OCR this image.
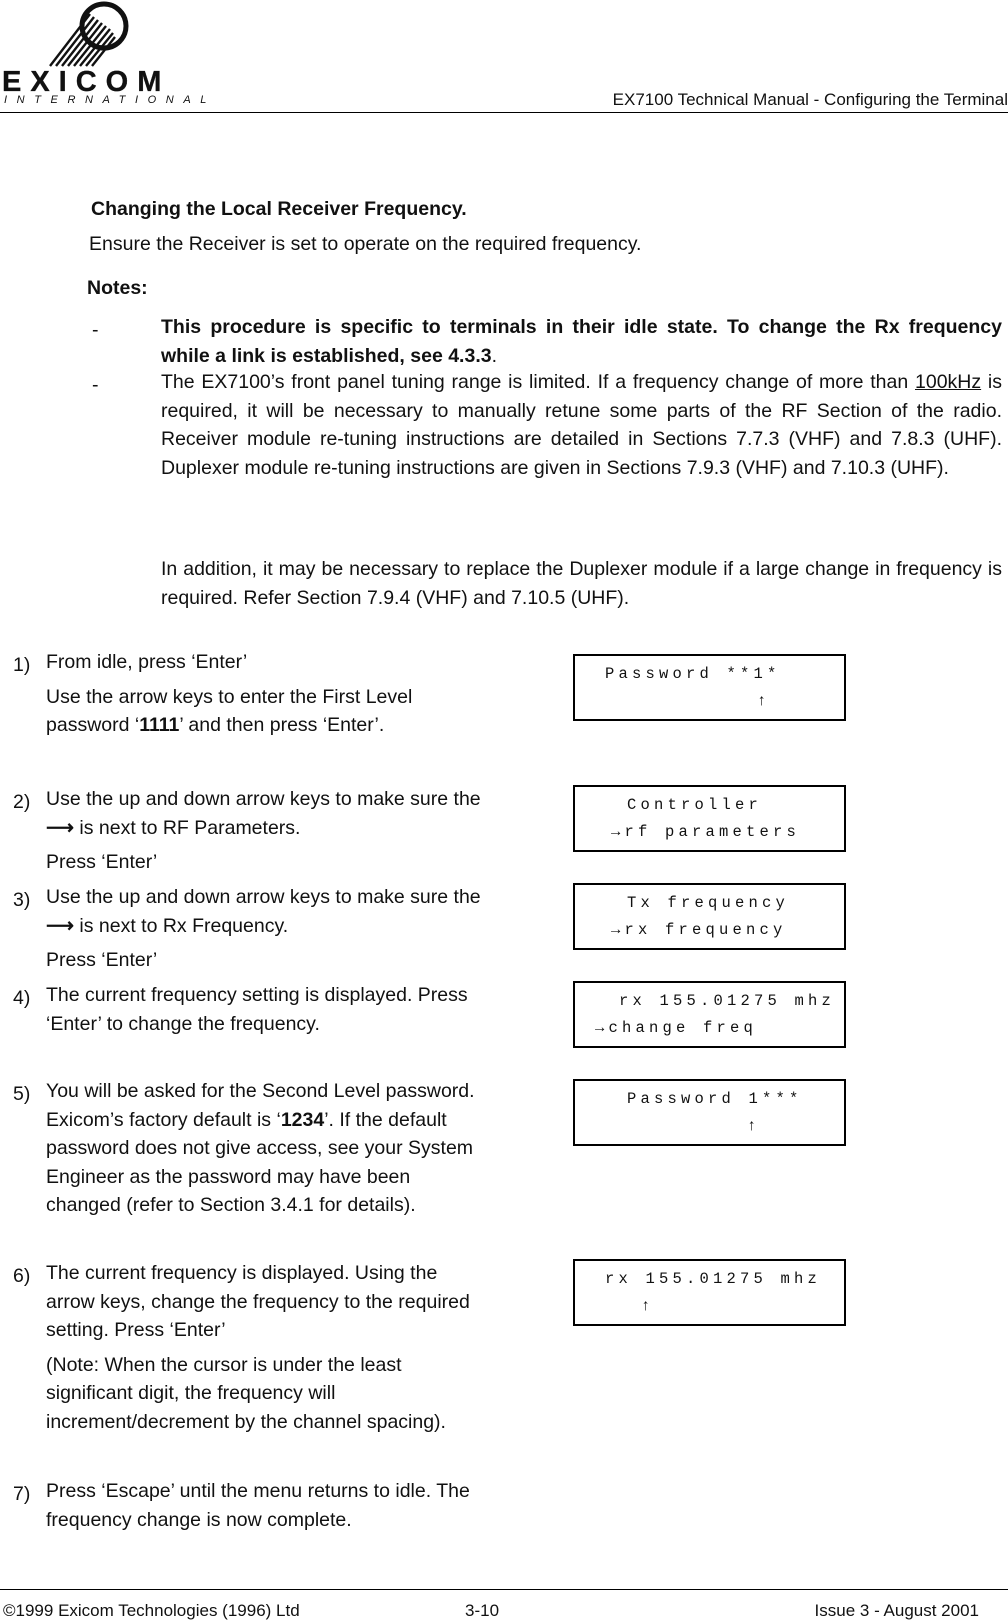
EXICOM
INTERNATIONAL	EX7100 Technical Manual - Configuring the Terminal
Changing the Local Receiver Frequency.
Ensure the Receiver is set to operate on the required frequency.
Notes:
-	This procedure is specific to terminals in their idle state. To change the Rx frequency while a link is established, see 4.3.3.
-	The EX7100’s front panel tuning range is limited. If a frequency change of more than 100kHz is required, it will be necessary to manually retune some parts of the RF Section of the radio. Receiver module re-tuning instructions are detailed in Sections 7.7.3 (VHF) and 7.8.3 (UHF). Duplexer module re-tuning instructions are given in Sections 7.9.3 (VHF) and 7.10.3 (UHF).
In addition, it may be necessary to replace the Duplexer module if a large change in frequency is required. Refer Section 7.9.4 (VHF) and 7.10.5 (UHF).
1) From idle, press ‘Enter’
Use the arrow keys to enter the First Level password ‘1111’ and then press ‘Enter’.
2) Use the up and down arrow keys to make sure the ⟶ is next to RF Parameters.
Press ‘Enter’
3) Use the up and down arrow keys to make sure the ⟶ is next to Rx Frequency.
Press ‘Enter’
4) The current frequency setting is displayed. Press ‘Enter’ to change the frequency.
5) You will be asked for the Second Level password. Exicom’s factory default is ‘1234’. If the default password does not give access, see your System Engineer as the password may have been changed (refer to Section 3.4.1 for details).
6) The current frequency is displayed. Using the arrow keys, change the frequency to the required setting. Press ‘Enter’
(Note: When the cursor is under the least significant digit, the frequency will increment/decrement by the channel spacing).
7) Press ‘Escape’ until the menu returns to idle. The frequency change is now complete.
Password **1*
↑
Controller
→rf parameters
Tx frequency
→rx frequency
rx 155.01275 mhz
→change freq
Password 1***
↑
rx 155.01275 mhz
↑
©1999 Exicom Technologies (1996) Ltd	3-10	Issue 3 - August 2001
